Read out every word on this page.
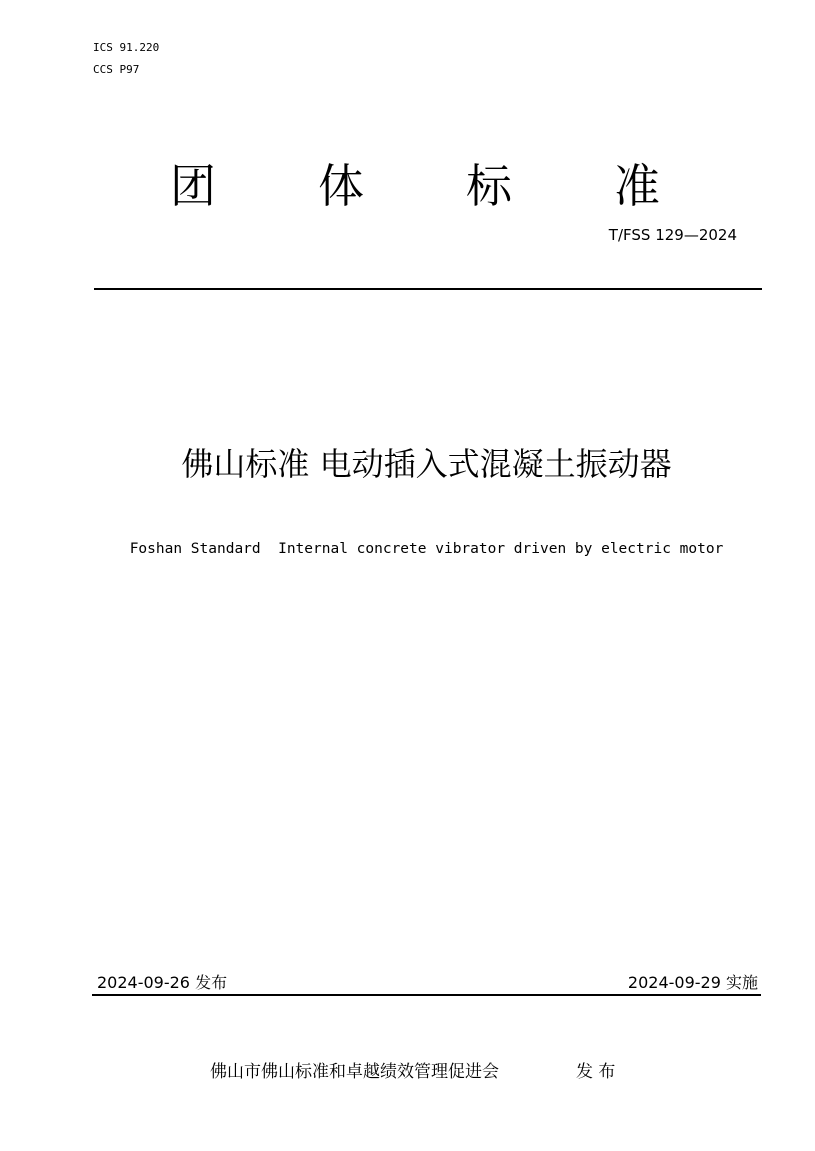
ICS 91.220
CCS P97
团 体 标 准
T/FSS 129—2024
佛山标准 电动插入式混凝土振动器
Foshan Standard  Internal concrete vibrator driven by electric motor
2024-09-26 发布	2024-09-29 实施
佛山市佛山标准和卓越绩效管理促进会	发 布
